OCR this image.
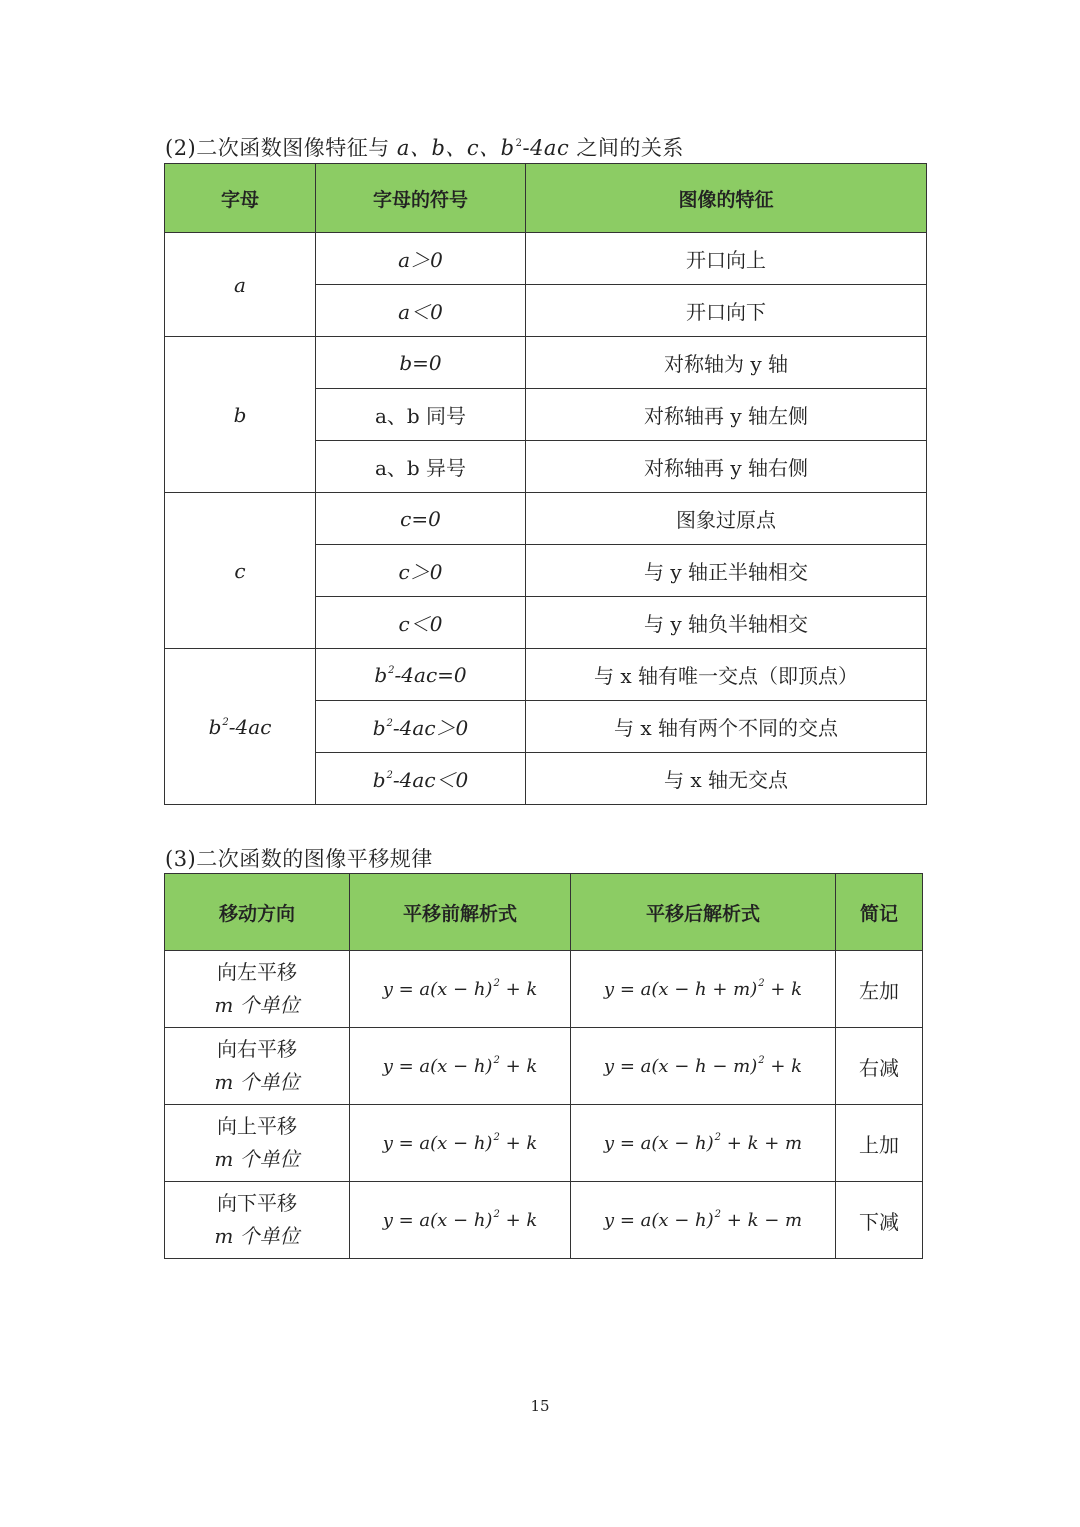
(2)二次函数图像特征与 a、b、c、$b^2-4ac$ 之间的关系
字母	字母的符号	图像的特征
a	a＞0	开口向上
	a＜0	开口向下
b	b=0	对称轴为 y 轴
	a、b 同号	对称轴再 y 轴左侧
	a、b 异号	对称轴再 y 轴右侧
c	c=0	图象过原点
	c＞0	与 y 轴正半轴相交
	c＜0	与 y 轴负半轴相交
$b^2-4ac$	$b^2-4ac=0$	与 x 轴有唯一交点（即顶点）
	$b^2-4ac>0$	与 x 轴有两个不同的交点
	$b^2-4ac<0$	与 x 轴无交点
(3)二次函数的图像平移规律
移动方向	平移前解析式	平移后解析式	简记
向左平移
m 个单位	$y = a(x - h)^2 + k$	$y = a(x - h + m)^2 + k$	左加
向右平移
m 个单位	$y = a(x - h)^2 + k$	$y = a(x - h - m)^2 + k$	右减
向上平移
m 个单位	$y = a(x - h)^2 + k$	$y = a(x - h)^2 + k + m$	上加
向下平移
m 个单位	$y = a(x - h)^2 + k$	$y = a(x - h)^2 + k - m$	下减
15
